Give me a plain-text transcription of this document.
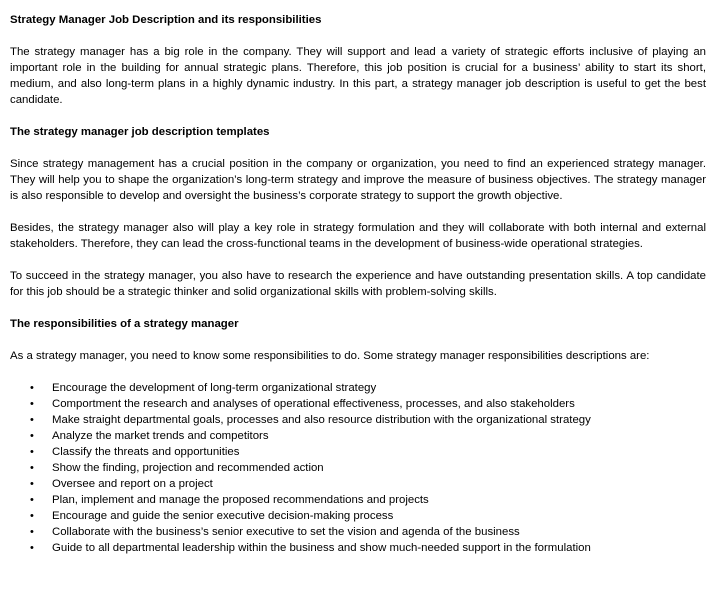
Strategy Manager Job Description and its responsibilities

The strategy manager has a big role in the company. They will support and lead a variety of strategic efforts inclusive of playing an important role in the building for annual strategic plans. Therefore, this job position is crucial for a business’ ability to start its short, medium, and also long-term plans in a highly dynamic industry. In this part, a strategy manager job description is useful to get the best candidate.

The strategy manager job description templates

Since strategy management has a crucial position in the company or organization, you need to find an experienced strategy manager. They will help you to shape the organization’s long-term strategy and improve the measure of business objectives. The strategy manager is also responsible to develop and oversight the business’s corporate strategy to support the growth objective.

Besides, the strategy manager also will play a key role in strategy formulation and they will collaborate with both internal and external stakeholders. Therefore, they can lead the cross-functional teams in the development of business-wide operational strategies.

To succeed in the strategy manager, you also have to research the experience and have outstanding presentation skills. A top candidate for this job should be a strategic thinker and solid organizational skills with problem-solving skills.

The responsibilities of a strategy manager

As a strategy manager, you need to know some responsibilities to do. Some strategy manager responsibilities descriptions are:

• Encourage the development of long-term organizational strategy
• Comportment the research and analyses of operational effectiveness, processes, and also stakeholders
• Make straight departmental goals, processes and also resource distribution with the organizational strategy
• Analyze the market trends and competitors
• Classify the threats and opportunities
• Show the finding, projection and recommended action
• Oversee and report on a project
• Plan, implement and manage the proposed recommendations and projects
• Encourage and guide the senior executive decision-making process
• Collaborate with the business’s senior executive to set the vision and agenda of the business
• Guide to all departmental leadership within the business and show much-needed support in the formulation
